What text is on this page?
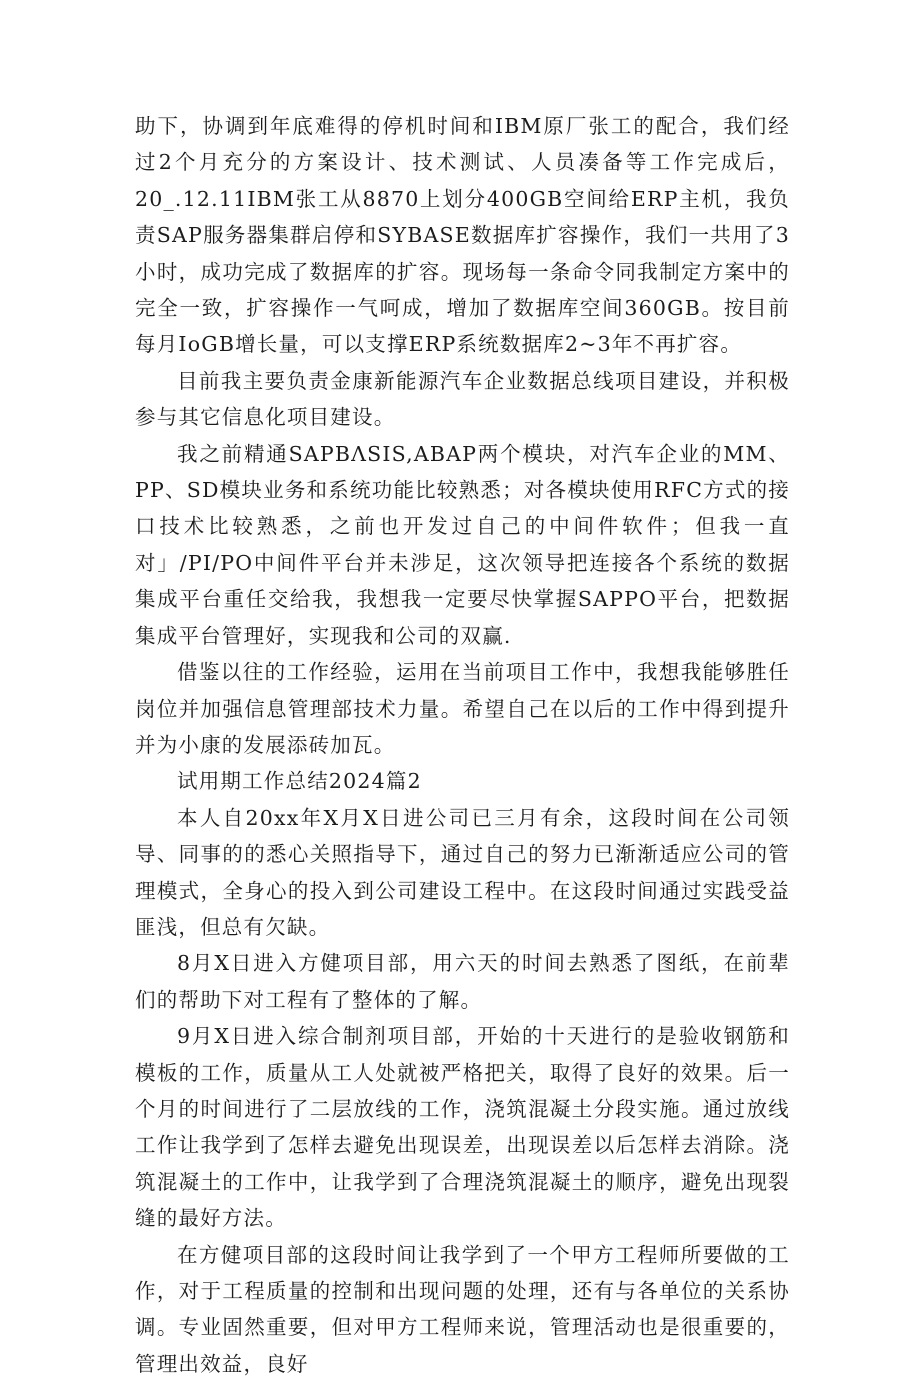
助下，协调到年底难得的停机时间和IBM原厂张工的配合，我们经过2个月充分的方案设计、技术测试、人员凑备等工作完成后，20_.12.11IBM张工从8870上划分400GB空间给ERP主机，我负责SAP服务器集群启停和SYBASE数据库扩容操作，我们一共用了3小时，成功完成了数据库的扩容。现场每一条命令同我制定方案中的完全一致，扩容操作一气呵成，增加了数据库空间360GB。按目前每月IoGB增长量，可以支撑ERP系统数据库2~3年不再扩容。

目前我主要负责金康新能源汽车企业数据总线项目建设，并积极参与其它信息化项目建设。

我之前精通SAPBΛSIS,ABAP两个模块，对汽车企业的MM、PP、SD模块业务和系统功能比较熟悉；对各模块使用RFC方式的接口技术比较熟悉，之前也开发过自己的中间件软件；但我一直对」/PI/PO中间件平台并未涉足，这次领导把连接各个系统的数据集成平台重任交给我，我想我一定要尽快掌握SAPPO平台，把数据集成平台管理好，实现我和公司的双赢.

借鉴以往的工作经验，运用在当前项目工作中，我想我能够胜任岗位并加强信息管理部技术力量。希望自己在以后的工作中得到提升并为小康的发展添砖加瓦。

试用期工作总结2024篇2

本人自20xx年X月X日进公司已三月有余，这段时间在公司领导、同事的的悉心关照指导下，通过自己的努力已渐渐适应公司的管理模式，全身心的投入到公司建设工程中。在这段时间通过实践受益匪浅，但总有欠缺。

8月X日进入方健项目部，用六天的时间去熟悉了图纸，在前辈们的帮助下对工程有了整体的了解。

9月X日进入综合制剂项目部，开始的十天进行的是验收钢筋和模板的工作，质量从工人处就被严格把关，取得了良好的效果。后一个月的时间进行了二层放线的工作，浇筑混凝土分段实施。通过放线工作让我学到了怎样去避免出现误差，出现误差以后怎样去消除。浇筑混凝土的工作中，让我学到了合理浇筑混凝土的顺序，避免出现裂缝的最好方法。

在方健项目部的这段时间让我学到了一个甲方工程师所要做的工作，对于工程质量的控制和出现问题的处理，还有与各单位的关系协调。专业固然重要，但对甲方工程师来说，管理活动也是很重要的，管理出效益，良好
